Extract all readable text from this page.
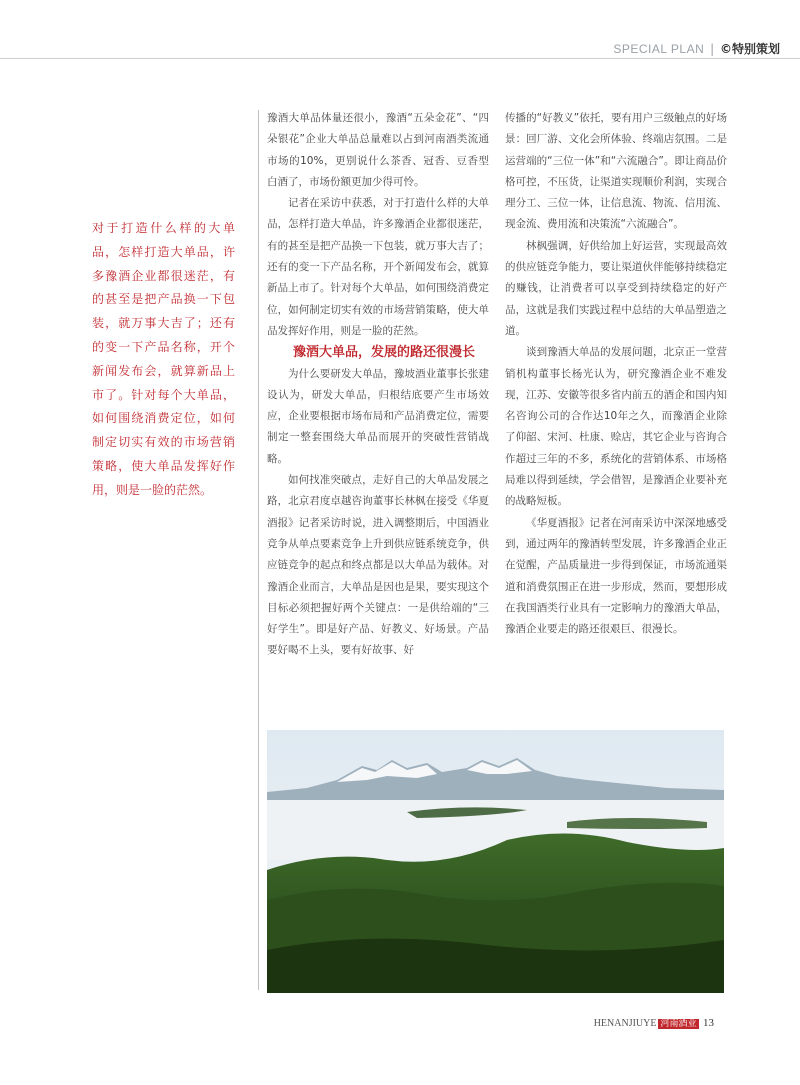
SPECIAL PLAN | ©特别策划
对于打造什么样的大单品，怎样打造大单品，许多豫酒企业都很迷茫，有的甚至是把产品换一下包装，就万事大吉了；还有的变一下产品名称，开个新闻发布会，就算新品上市了。针对每个大单品，如何围绕消费定位，如何制定切实有效的市场营销策略，使大单品发挥好作用，则是一脸的茫然。

豫酒大单品体量还很小，豫酒“五朵金花”、“四朵银花”企业大单品总量难以占到河南酒类流通市场的10%，更别说什么茶香、冠香、豆香型白酒了，市场份额更加少得可怜。

记者在采访中获悉，对于打造什么样的大单品，怎样打造大单品，许多豫酒企业都很迷茫，有的甚至是把产品换一下包装，就万事大吉了；还有的变一下产品名称，开个新闻发布会，就算新品上市了。针对每个大单品，如何围绕消费定位，如何制定切实有效的市场营销策略，使大单品发挥好作用，则是一脸的茫然。

豫酒大单品，发展的路还很漫长

为什么要研发大单品，豫坡酒业董事长张建设认为，研发大单品，归根结底要产生市场效应，企业要根据市场布局和产品消费定位，需要制定一整套围绕大单品而展开的突破性营销战略。

如何找准突破点，走好自己的大单品发展之路，北京君度卓越咨询董事长林枫在接受《华夏酒报》记者采访时说，进入调整期后，中国酒业竞争从单点要素竞争上升到供应链系统竞争，供应链竞争的起点和终点都是以大单品为载体。对豫酒企业而言，大单品是因也是果，要实现这个目标必须把握好两个关键点：一是供给端的“三好学生”。即是好产品、好教义、好场景。产品要好喝不上头，要有好故事、好

传播的“好教义”依托，要有用户三级触点的好场景：回厂游、文化会所体验、终端店氛围。二是运营端的“三位一体”和“六流融合”。即让商品价格可控，不压货，让渠道实现顺价利润，实现合理分工、三位一体，让信息流、物流、信用流、现金流、费用流和决策流“六流融合”。

林枫强调，好供给加上好运营，实现最高效的供应链竞争能力，要让渠道伙伴能够持续稳定的赚钱，让消费者可以享受到持续稳定的好产品，这就是我们实践过程中总结的大单品塑造之道。

谈到豫酒大单品的发展问题，北京正一堂营销机构董事长杨光认为，研究豫酒企业不难发现，江苏、安徽等很多省内前五的酒企和国内知名咨询公司的合作达10年之久，而豫酒企业除了仰韶、宋河、杜康、赊店，其它企业与咨询合作超过三年的不多，系统化的营销体系、市场格局难以得到延续，学会借智，是豫酒企业要补充的战略短板。

《华夏酒报》记者在河南采访中深深地感受到，通过两年的豫酒转型发展，许多豫酒企业正在觉醒，产品质量进一步得到保证，市场流通渠道和消费氛围正在进一步形成，然而，要想形成在我国酒类行业具有一定影响力的豫酒大单品，豫酒企业要走的路还很艰巨、很漫长。

HENANJIUYE 河南酒业 13
